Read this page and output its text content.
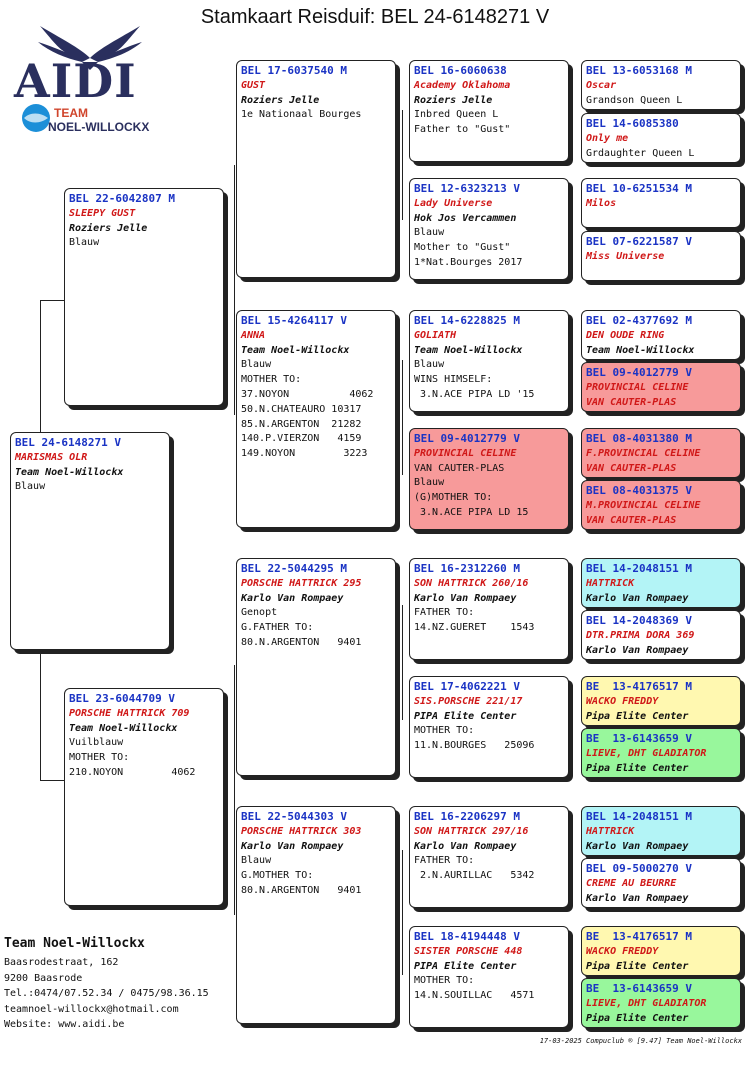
Stamkaart Reisduif: BEL 24-6148271 V
AIDI
TEAM
NOEL-WILLOCKX
BEL 24-6148271 V
MARISMAS OLR
Team Noel-Willockx
Blauw
BEL 22-6042807 M
SLEEPY GUST
Roziers Jelle
Blauw
BEL 23-6044709 V
PORSCHE HATTRICK 709
Team Noel-Willockx
Vuilblauw
MOTHER TO:
210.NOYON        4062
BEL 17-6037540 M
GUST
Roziers Jelle
1e Nationaal Bourges
BEL 15-4264117 V
ANNA
Team Noel-Willockx
Blauw
MOTHER TO:
37.NOYON          4062
50.N.CHATEAURO 10317
85.N.ARGENTON  21282
140.P.VIERZON   4159
149.NOYON        3223
BEL 22-5044295 M
PORSCHE HATTRICK 295
Karlo Van Rompaey
Genopt
G.FATHER TO:
80.N.ARGENTON   9401
BEL 22-5044303 V
PORSCHE HATTRICK 303
Karlo Van Rompaey
Blauw
G.MOTHER TO:
80.N.ARGENTON   9401
BEL 16-6060638
Academy Oklahoma
Roziers Jelle
Inbred Queen L
Father to "Gust"
BEL 12-6323213 V
Lady Universe
Hok Jos Vercammen
Blauw
Mother to "Gust"
1*Nat.Bourges 2017
BEL 14-6228825 M
GOLIATH
Team Noel-Willockx
Blauw
WINS HIMSELF:
3.N.ACE PIPA LD '15
BEL 09-4012779 V
PROVINCIAL CELINE
VAN CAUTER-PLAS
Blauw
(G)MOTHER TO:
3.N.ACE PIPA LD 15
BEL 16-2312260 M
SON HATTRICK 260/16
Karlo Van Rompaey
FATHER TO:
14.NZ.GUERET    1543
BEL 17-4062221 V
SIS.PORSCHE 221/17
PIPA Elite Center
MOTHER TO:
11.N.BOURGES   25096
BEL 16-2206297 M
SON HATTRICK 297/16
Karlo Van Rompaey
FATHER TO:
2.N.AURILLAC   5342
BEL 18-4194448 V
SISTER PORSCHE 448
PIPA Elite Center
MOTHER TO:
14.N.SOUILLAC   4571
BEL 13-6053168 M
Oscar
Grandson Queen L
BEL 14-6085380
Only me
Grdaughter Queen L
BEL 10-6251534 M
Milos
BEL 07-6221587 V
Miss Universe
BEL 02-4377692 M
DEN OUDE RING
Team Noel-Willockx
BEL 09-4012779 V
PROVINCIAL CELINE
VAN CAUTER-PLAS
BEL 08-4031380 M
F.PROVINCIAL CELINE
VAN CAUTER-PLAS
BEL 08-4031375 V
M.PROVINCIAL CELINE
VAN CAUTER-PLAS
BEL 14-2048151 M
HATTRICK
Karlo Van Rompaey
BEL 14-2048369 V
DTR.PRIMA DORA 369
Karlo Van Rompaey
BE  13-4176517 M
WACKO FREDDY
Pipa Elite Center
BE  13-6143659 V
LIEVE, DHT GLADIATOR
Pipa Elite Center
BEL 14-2048151 M
HATTRICK
Karlo Van Rompaey
BEL 09-5000270 V
CREME AU BEURRE
Karlo Van Rompaey
BE  13-4176517 M
WACKO FREDDY
Pipa Elite Center
BE  13-6143659 V
LIEVE, DHT GLADIATOR
Pipa Elite Center
Team Noel-Willockx
Baasrodestraat, 162
9200 Baasrode
Tel.:0474/07.52.34 / 0475/98.36.15
teamnoel-willockx@hotmail.com
Website: www.aidi.be
17-03-2025 Compuclub ® [9.47] Team Noel-Willockx
